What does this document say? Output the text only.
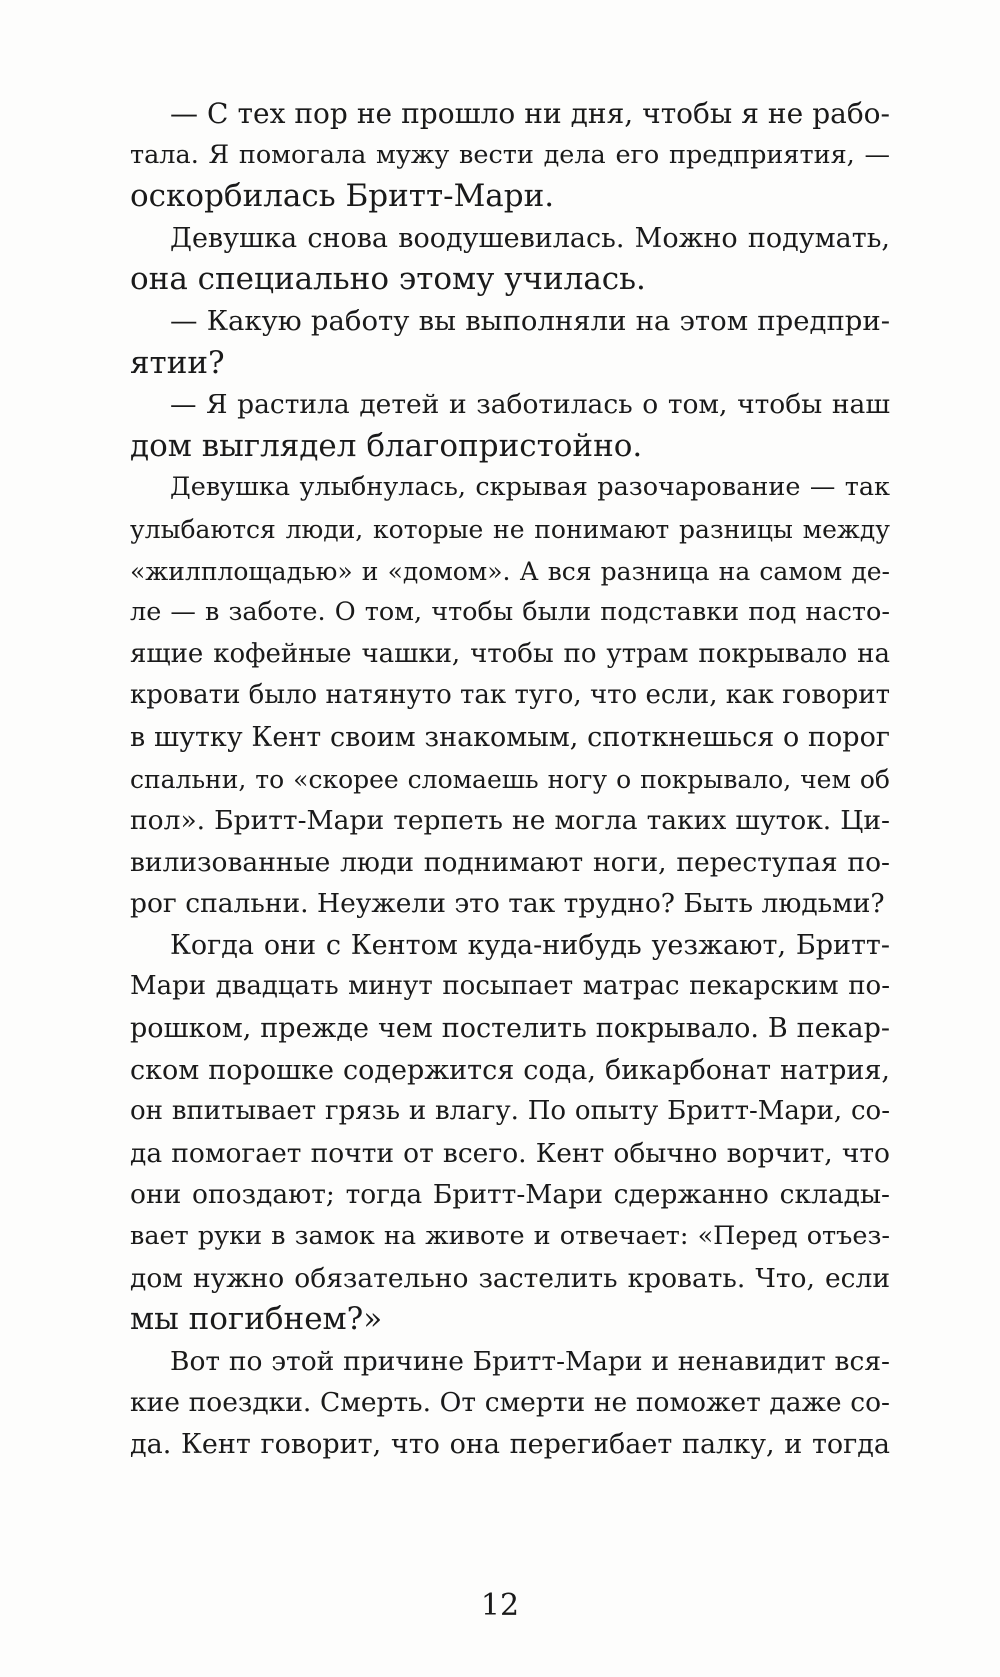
— С тех пор не прошло ни дня, чтобы я не рабо-
тала. Я помогала мужу вести дела его предприятия, —
оскорбилась Бритт-Мари.
Девушка снова воодушевилась. Можно подумать,
она специально этому училась.
— Какую работу вы выполняли на этом предпри-
ятии?
— Я растила детей и заботилась о том, чтобы наш
дом выглядел благопристойно.
Девушка улыбнулась, скрывая разочарование — так
улыбаются люди, которые не понимают разницы между
«жилплощадью» и «домом». А вся разница на самом де-
ле — в заботе. О том, чтобы были подставки под насто-
ящие кофейные чашки, чтобы по утрам покрывало на
кровати было натянуто так туго, что если, как говорит
в шутку Кент своим знакомым, споткнешься о порог
спальни, то «скорее сломаешь ногу о покрывало, чем об
пол». Бритт-Мари терпеть не могла таких шуток. Ци-
вилизованные люди поднимают ноги, переступая по-
рог спальни. Неужели это так трудно? Быть людьми?
Когда они с Кентом куда-нибудь уезжают, Бритт-
Мари двадцать минут посыпает матрас пекарским по-
рошком, прежде чем постелить покрывало. В пекар-
ском порошке содержится сода, бикарбонат натрия,
он впитывает грязь и влагу. По опыту Бритт-Мари, со-
да помогает почти от всего. Кент обычно ворчит, что
они опоздают; тогда Бритт-Мари сдержанно склады-
вает руки в замок на животе и отвечает: «Перед отъез-
дом нужно обязательно застелить кровать. Что, если
мы погибнем?»
Вот по этой причине Бритт-Мари и ненавидит вся-
кие поездки. Смерть. От смерти не поможет даже со-
да. Кент говорит, что она перегибает палку, и тогда
12
